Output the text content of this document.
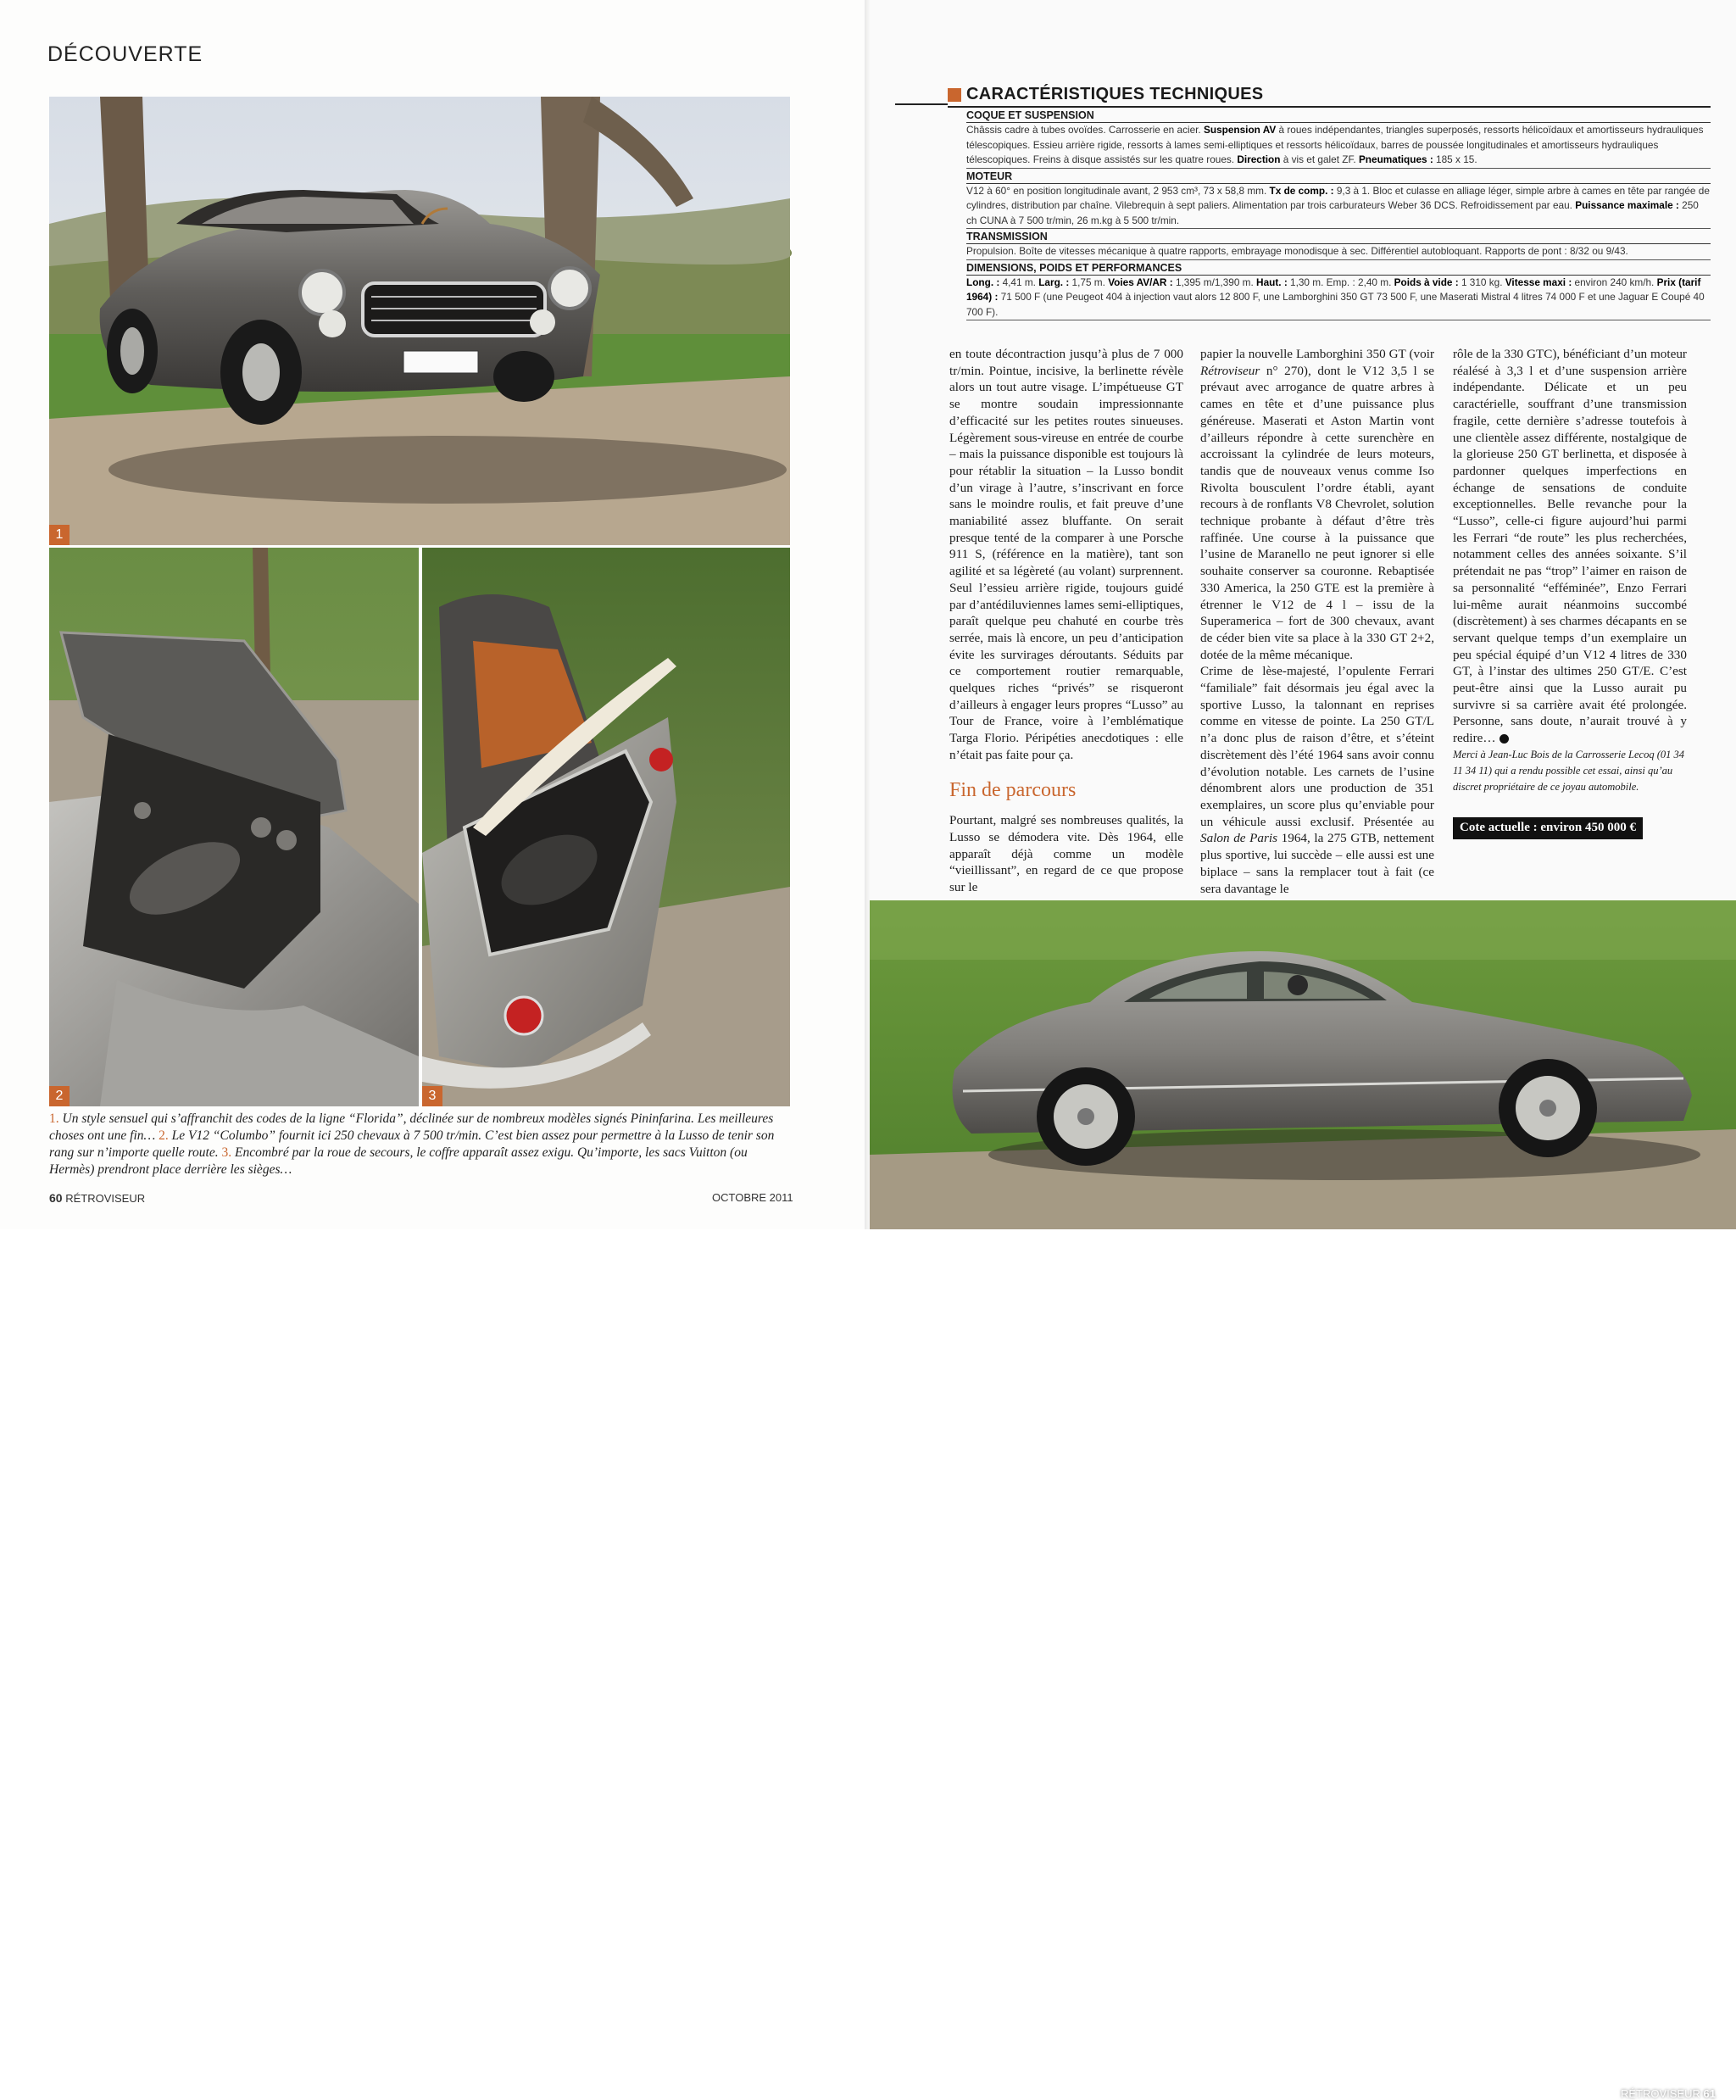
DÉCOUVERTE
1
2	3
1. Un style sensuel qui s’affranchit des codes de la ligne “Florida”, déclinée sur de nombreux modèles signés Pininfarina. Les meilleures choses ont une fin… 2. Le V12 “Columbo” fournit ici 250 chevaux à 7 500 tr/min. C’est bien assez pour permettre à la Lusso de tenir son rang sur n’importe quelle route. 3. Encombré par la roue de secours, le coffre apparaît assez exigu. Qu’importe, les sacs Vuitton (ou Hermès) prendront place derrière les sièges…
60 RÉTROVISEUR	OCTOBRE 2011
CARACTÉRISTIQUES TECHNIQUES
COQUE ET SUSPENSION
Châssis cadre à tubes ovoïdes. Carrosserie en acier. Suspension AV à roues indépendantes, triangles superposés, ressorts hélicoïdaux et amortisseurs hydrauliques télescopiques. Essieu arrière rigide, ressorts à lames semi-elliptiques et ressorts hélicoïdaux, barres de poussée longitudinales et amortisseurs hydrauliques télescopiques. Freins à disque assistés sur les quatre roues. Direction à vis et galet ZF. Pneumatiques : 185 x 15.
MOTEUR
V12 à 60° en position longitudinale avant, 2 953 cm³, 73 x 58,8 mm. Tx de comp. : 9,3 à 1. Bloc et culasse en alliage léger, simple arbre à cames en tête par rangée de cylindres, distribution par chaîne. Vilebrequin à sept paliers. Alimentation par trois carburateurs Weber 36 DCS. Refroidissement par eau. Puissance maximale : 250 ch CUNA à 7 500 tr/min, 26 m.kg à 5 500 tr/min.
TRANSMISSION
Propulsion. Boîte de vitesses mécanique à quatre rapports, embrayage monodisque à sec. Différentiel autobloquant. Rapports de pont : 8/32 ou 9/43.
DIMENSIONS, POIDS ET PERFORMANCES
Long. : 4,41 m. Larg. : 1,75 m. Voies AV/AR : 1,395 m/1,390 m. Haut. : 1,30 m. Emp. : 2,40 m. Poids à vide : 1 310 kg. Vitesse maxi : environ 240 km/h. Prix (tarif 1964) : 71 500 F (une Peugeot 404 à injection vaut alors 12 800 F, une Lamborghini 350 GT 73 500 F, une Maserati Mistral 4 litres 74 000 F et une Jaguar E Coupé 40 700 F).

en toute décontraction jusqu’à plus de 7 000 tr/min. Pointue, incisive, la berlinette révèle alors un tout autre visage. L’impétueuse GT se montre soudain impressionnante d’efficacité sur les petites routes sinueuses. Légèrement sous-vireuse en entrée de courbe – mais la puissance disponible est toujours là pour rétablir la situation – la Lusso bondit d’un virage à l’autre, s’inscrivant en force sans le moindre roulis, et fait preuve d’une maniabilité assez bluffante. On serait presque tenté de la comparer à une Porsche 911 S, (référence en la matière), tant son agilité et sa légèreté (au volant) surprennent. Seul l’essieu arrière rigide, toujours guidé par d’antédiluviennes lames semi-elliptiques, paraît quelque peu chahuté en courbe très serrée, mais là encore, un peu d’anticipation évite les survirages déroutants. Séduits par ce comportement routier remarquable, quelques riches “privés” se risqueront d’ailleurs à engager leurs propres “Lusso” au Tour de France, voire à l’emblématique Targa Florio. Péripéties anecdotiques : elle n’était pas faite pour ça.

Fin de parcours

Pourtant, malgré ses nombreuses qualités, la Lusso se démodera vite. Dès 1964, elle apparaît déjà comme un modèle “vieillissant”, en regard de ce que propose sur le

papier la nouvelle Lamborghini 350 GT (voir Rétroviseur n° 270), dont le V12 3,5 l se prévaut avec arrogance de quatre arbres à cames en tête et d’une puissance plus généreuse. Maserati et Aston Martin vont d’ailleurs répondre à cette surenchère en accroissant la cylindrée de leurs moteurs, tandis que de nouveaux venus comme Iso Rivolta bousculent l’ordre établi, ayant recours à de ronflants V8 Chevrolet, solution technique probante à défaut d’être très raffinée. Une course à la puissance que l’usine de Maranello ne peut ignorer si elle souhaite conserver sa couronne. Rebaptisée 330 America, la 250 GTE est la première à étrenner le V12 de 4 l – issu de la Superamerica – fort de 300 chevaux, avant de céder bien vite sa place à la 330 GT 2+2, dotée de la même mécanique.

Crime de lèse-majesté, l’opulente Ferrari “familiale” fait désormais jeu égal avec la sportive Lusso, la talonnant en reprises comme en vitesse de pointe. La 250 GT/L n’a donc plus de raison d’être, et s’éteint discrètement dès l’été 1964 sans avoir connu d’évolution notable. Les carnets de l’usine dénombrent alors une production de 351 exemplaires, un score plus qu’enviable pour un véhicule aussi exclusif. Présentée au Salon de Paris 1964, la 275 GTB, nettement plus sportive, lui succède – elle aussi est une biplace – sans la remplacer tout à fait (ce sera davantage le

rôle de la 330 GTC), bénéficiant d’un moteur réalésé à 3,3 l et d’une suspension arrière indépendante. Délicate et un peu caractérielle, souffrant d’une transmission fragile, cette dernière s’adresse toutefois à une clientèle assez différente, nostalgique de la glorieuse 250 GT berlinetta, et disposée à pardonner quelques imperfections en échange de sensations de conduite exceptionnelles. Belle revanche pour la “Lusso”, celle-ci figure aujourd’hui parmi les Ferrari “de route” les plus recherchées, notamment celles des années soixante. S’il prétendait ne pas “trop” l’aimer en raison de sa personnalité “efféminée”, Enzo Ferrari lui-même aurait néanmoins succombé (discrètement) à ses charmes décapants en se servant quelque temps d’un exemplaire un peu spécial équipé d’un V12 4 litres de 330 GT, à l’instar des ultimes 250 GT/E. C’est peut-être ainsi que la Lusso aurait pu survivre si sa carrière avait été prolongée. Personne, sans doute, n’aurait trouvé à y redire…

Merci à Jean-Luc Bois de la Carrosserie Lecoq (01 34 11 34 11) qui a rendu possible cet essai, ainsi qu’au discret propriétaire de ce joyau automobile.

Cote actuelle : environ 450 000 €
RÉTROVISEUR 61
